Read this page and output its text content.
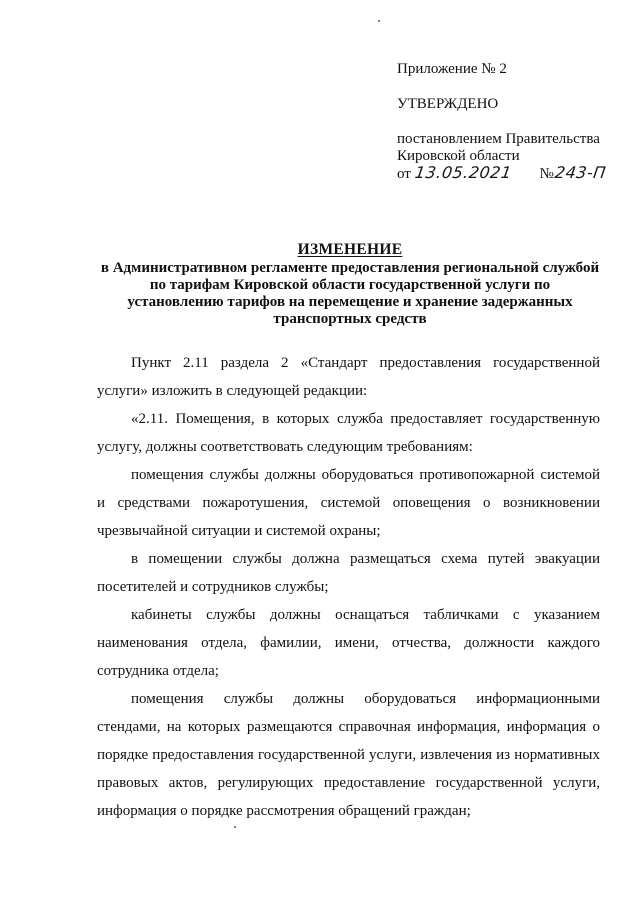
Приложение № 2
УТВЕРЖДЕНО
постановлением Правительства
Кировской области
от 13.05.2021 №243-П
ИЗМЕНЕНИЕ
в Административном регламенте предоставления региональной службой
по тарифам Кировской области государственной услуги по
установлению тарифов на перемещение и хранение задержанных
транспортных средств

Пункт 2.11 раздела 2 «Стандарт предоставления государственной услуги» изложить в следующей редакции:

«2.11. Помещения, в которых служба предоставляет государственную услугу, должны соответствовать следующим требованиям:

помещения службы должны оборудоваться противопожарной системой и средствами пожаротушения, системой оповещения о возникновении чрезвычайной ситуации и системой охраны;

в помещении службы должна размещаться схема путей эвакуации посетителей и сотрудников службы;

кабинеты службы должны оснащаться табличками с указанием наименования отдела, фамилии, имени, отчества, должности каждого сотрудника отдела;

помещения службы должны оборудоваться информационными стендами, на которых размещаются справочная информация, информация о порядке предоставления государственной услуги, извлечения из нормативных правовых актов, регулирующих предоставление государственной услуги, информация о порядке рассмотрения обращений граждан;
